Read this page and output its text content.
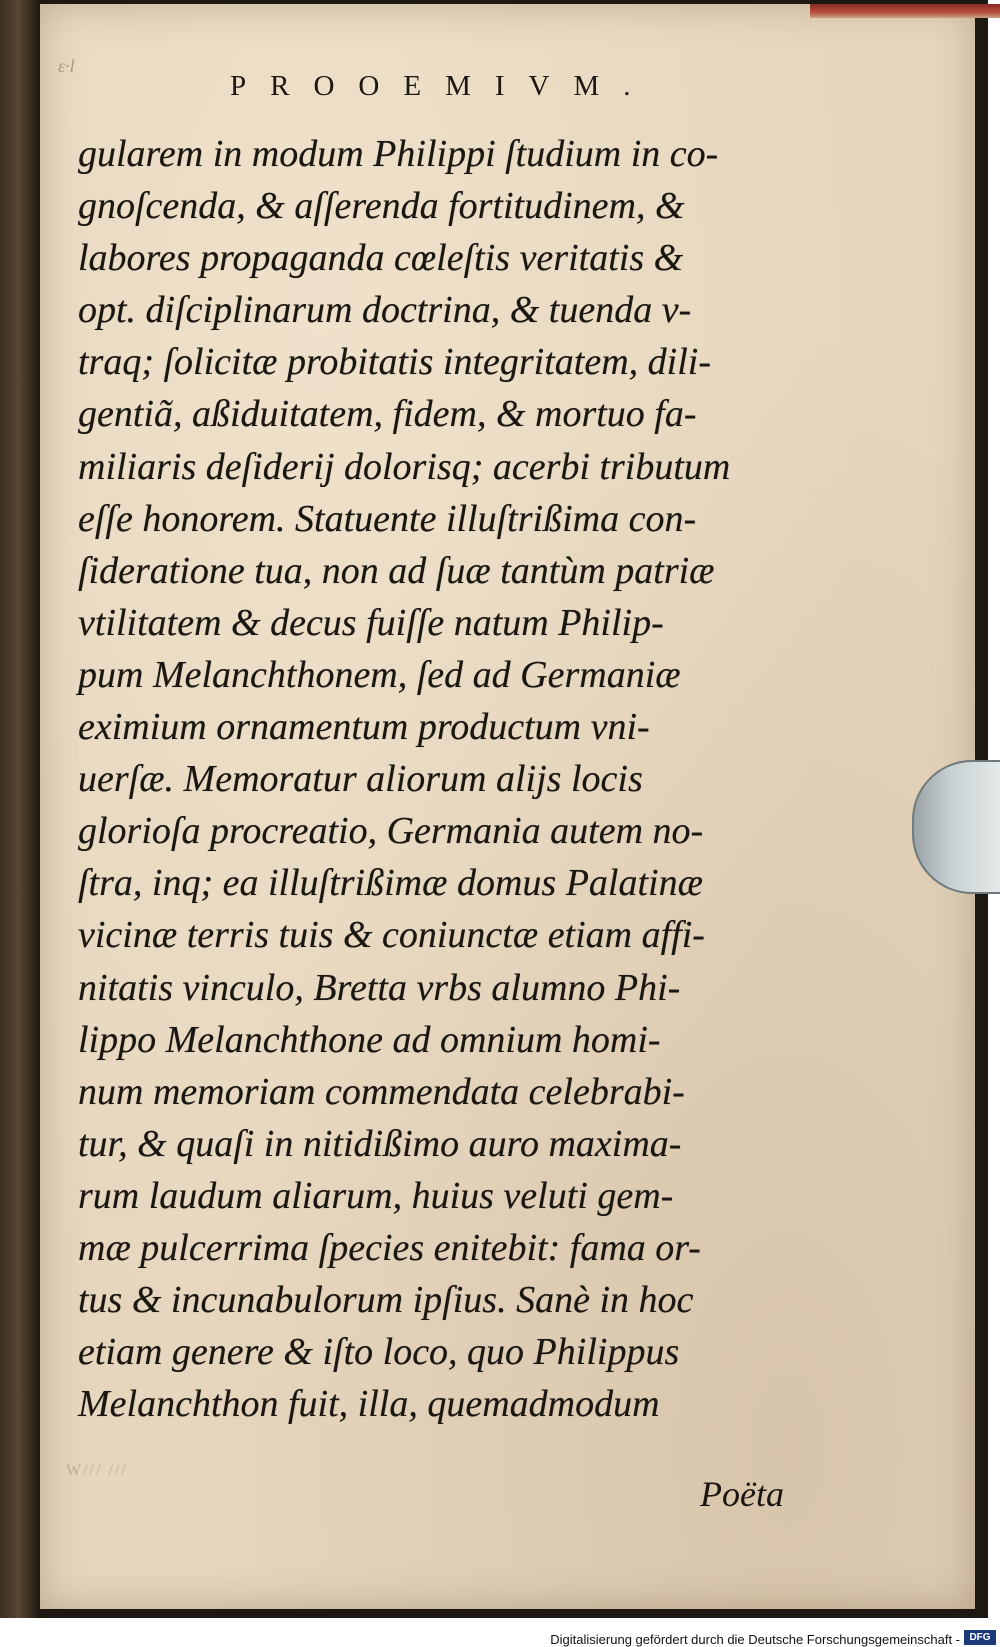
ε·l
PROOEMIVM.
gularem in modum Philippi ſtudium in co-
gnoſcenda, & aſſerenda fortitudinem, &
labores propaganda cœleſtis veritatis &
opt. diſciplinarum doctrina, & tuenda v-
traq; ſolicitæ probitatis integritatem, dili-
gentiã, aßiduitatem, fidem, & mortuo fa-
miliaris deſiderij dolorisq; acerbi tributum
eſſe honorem. Statuente illuſtrißima con-
ſideratione tua, non ad ſuæ tantùm patriæ
vtilitatem & decus fuiſſe natum Philip-
pum Melanchthonem, ſed ad Germaniæ
eximium ornamentum productum vni-
uerſæ. Memoratur aliorum alijs locis
glorioſa procreatio, Germania autem no-
ſtra, inq; ea illuſtrißimæ domus Palatinæ
vicinæ terris tuis & coniunctæ etiam affi-
nitatis vinculo, Bretta vrbs alumno Phi-
lippo Melanchthone ad omnium homi-
num memoriam commendata celebrabi-
tur, & quaſi in nitidißimo auro maxima-
rum laudum aliarum, huius veluti gem-
mæ pulcerrima ſpecies enitebit: fama or-
tus & incunabulorum ipſius. Sanè in hoc
etiam genere & iſto loco, quo Philippus
Melanchthon fuit, illa, quemadmodum
W/// ///
Poëta
Digitalisierung gefördert durch die Deutsche Forschungsgemeinschaft - DFG
